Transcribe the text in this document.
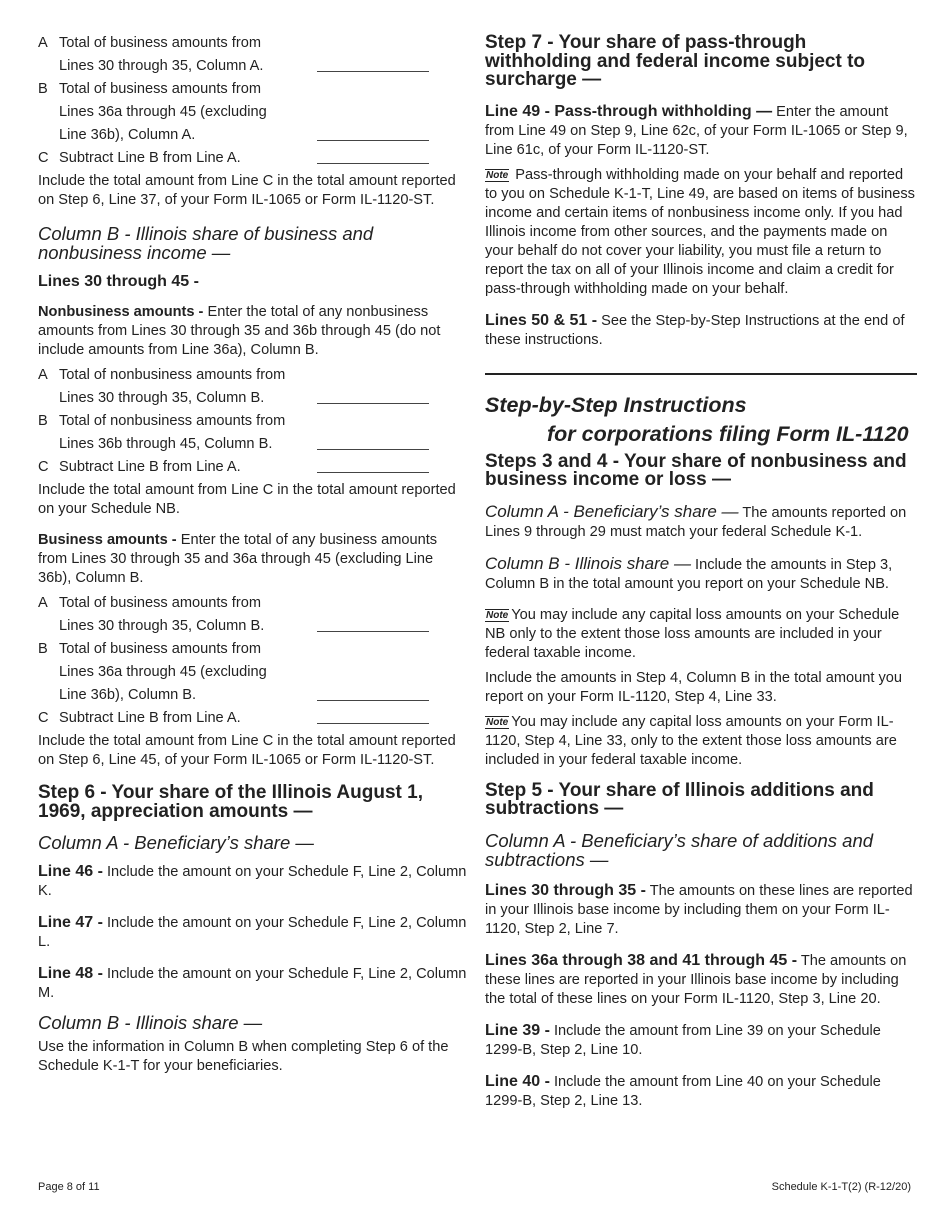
A Total of business amounts from
Lines 30 through 35, Column A.
B Total of business amounts from
Lines 36a through 45 (excluding
Line 36b), Column A.
C Subtract Line B from Line A.

Include the total amount from Line C in the total amount reported on Step 6, Line 37, of your Form IL-1065 or Form IL-1120-ST.

Column B - Illinois share of business and nonbusiness income —

Lines 30 through 45 -

Nonbusiness amounts - Enter the total of any nonbusiness amounts from Lines 30 through 35 and 36b through 45 (do not include amounts from Line 36a), Column B.

A Total of nonbusiness amounts from
Lines 30 through 35, Column B.
B Total of nonbusiness amounts from
Lines 36b through 45, Column B.
C Subtract Line B from Line A.

Include the total amount from Line C in the total amount reported on your Schedule NB.

Business amounts - Enter the total of any business amounts from Lines 30 through 35 and 36a through 45 (excluding Line 36b), Column B.

A Total of business amounts from
Lines 30 through 35, Column B.
B Total of business amounts from
Lines 36a through 45 (excluding
Line 36b), Column B.
C Subtract Line B from Line A.

Include the total amount from Line C in the total amount reported on Step 6, Line 45, of your Form IL-1065 or Form IL-1120-ST.

Step 6 - Your share of the Illinois August 1, 1969, appreciation amounts —
Column A - Beneficiary’s share —

Line 46 - Include the amount on your Schedule F, Line 2, Column K.

Line 47 - Include the amount on your Schedule F, Line 2, Column L.

Line 48 - Include the amount on your Schedule F, Line 2, Column M.

Column B - Illinois share —

Use the information in Column B when completing Step 6 of the Schedule K-1-T for your beneficiaries.

Step 7 - Your share of pass-through withholding and federal income subject to surcharge —

Line 49 - Pass-through withholding — Enter the amount from Line 49 on Step 9, Line 62c, of your Form IL-1065 or Step 9, Line 61c, of your Form IL-1120-ST.

Note Pass-through withholding made on your behalf and reported to you on Schedule K-1-T, Line 49, are based on items of business income and certain items of nonbusiness income only. If you had Illinois income from other sources, and the payments made on your behalf do not cover your liability, you must file a return to report the tax on all of your Illinois income and claim a credit for pass-through withholding made on your behalf.

Lines 50 & 51 - See the Step-by-Step Instructions at the end of these instructions.

Step-by-Step Instructions
for corporations filing Form IL-1120
Steps 3 and 4 - Your share of nonbusiness and business income or loss —

Column A - Beneficiary’s share — The amounts reported on Lines 9 through 29 must match your federal Schedule K-1.

Column B - Illinois share — Include the amounts in Step 3, Column B in the total amount you report on your Schedule NB.

Note You may include any capital loss amounts on your Schedule NB only to the extent those loss amounts are included in your federal taxable income.

Include the amounts in Step 4, Column B in the total amount you report on your Form IL-1120, Step 4, Line 33.

Note You may include any capital loss amounts on your Form IL-1120, Step 4, Line 33, only to the extent those loss amounts are included in your federal taxable income.

Step 5 - Your share of Illinois additions and subtractions —
Column A - Beneficiary’s share of additions and subtractions —

Lines 30 through 35 - The amounts on these lines are reported in your Illinois base income by including them on your Form IL-1120, Step 2, Line 7.

Lines 36a through 38 and 41 through 45 - The amounts on these lines are reported in your Illinois base income by including the total of these lines on your Form IL-1120, Step 3, Line 20.

Line 39 - Include the amount from Line 39 on your Schedule 1299-B, Step 2, Line 10.

Line 40 - Include the amount from Line 40 on your Schedule 1299-B, Step 2, Line 13.

Page 8 of 11	Schedule K-1-T(2) (R-12/20)
